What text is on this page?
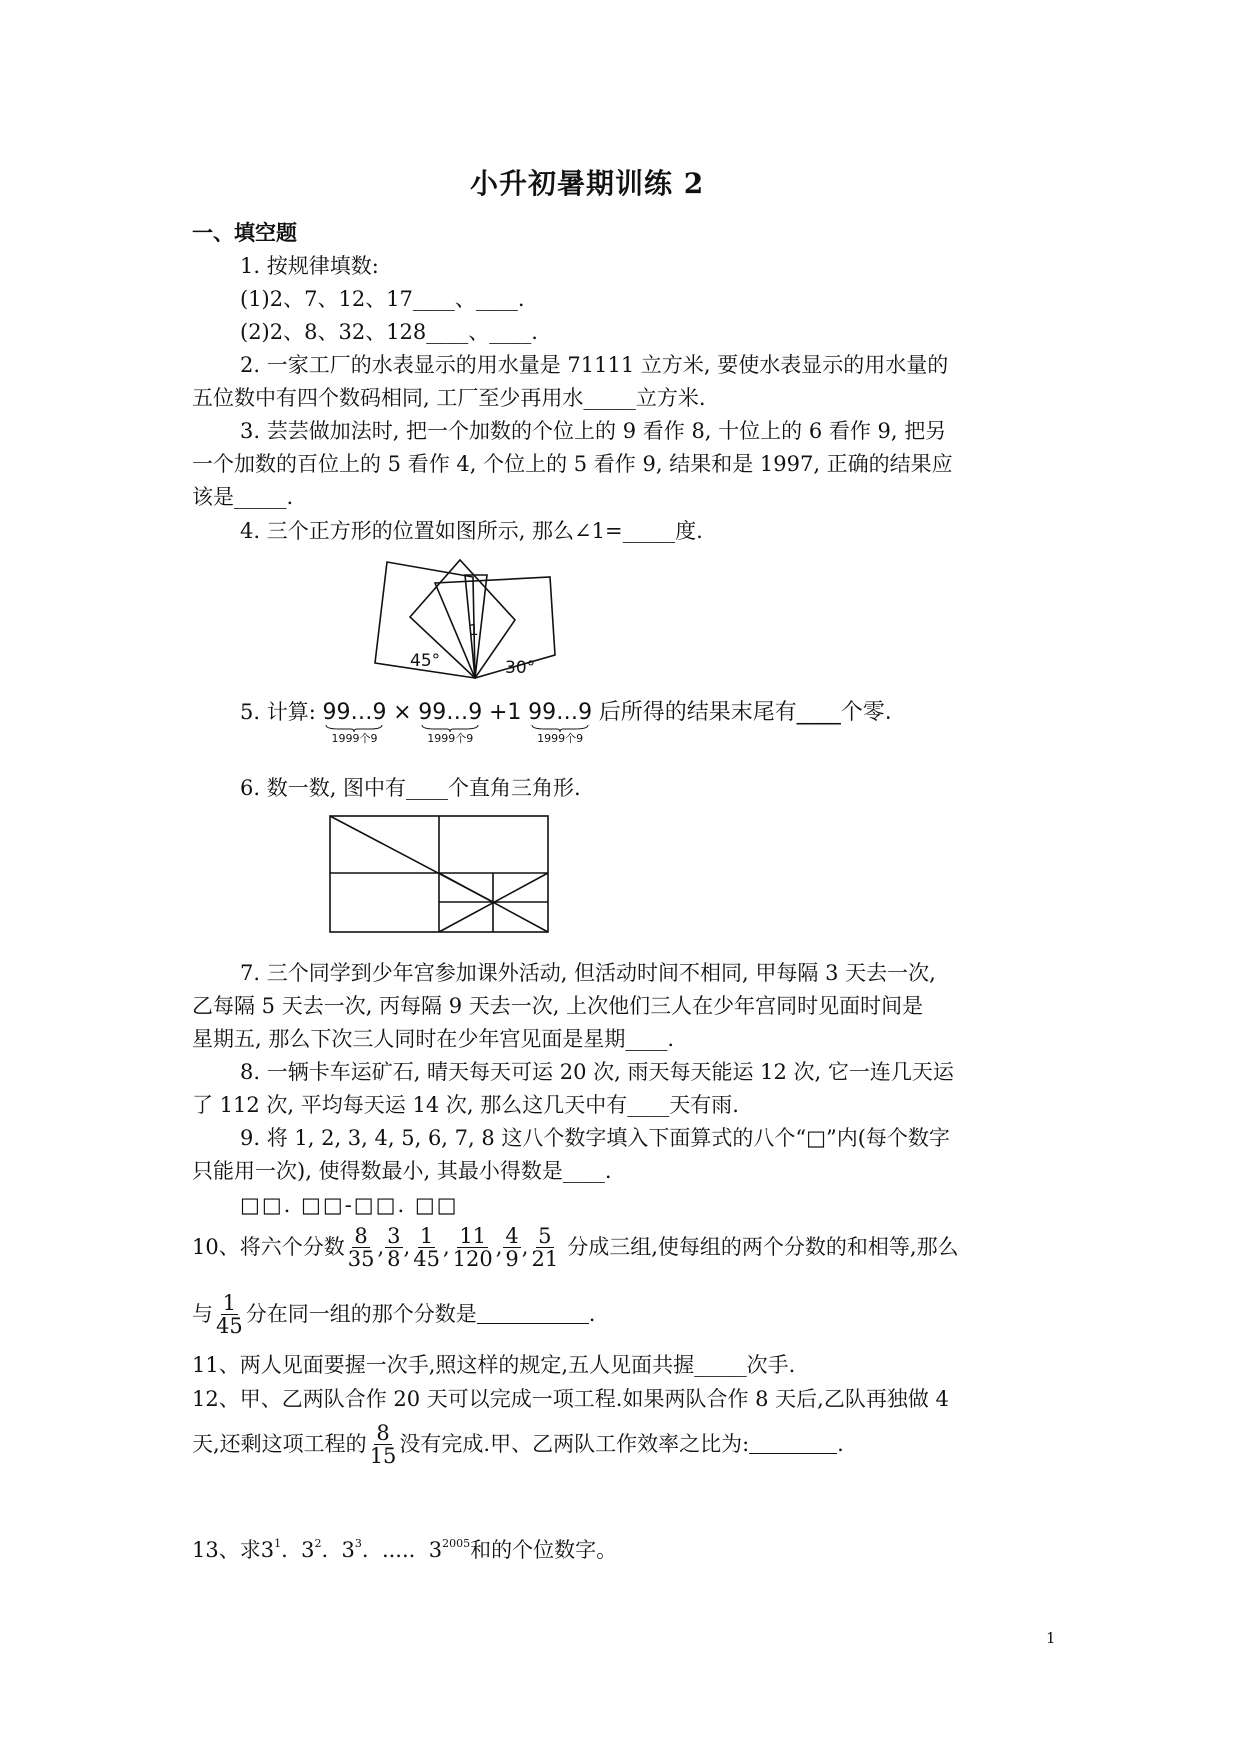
小升初暑期训练 2
一、填空题
1. 按规律填数:
(1)2、7、12、17____、____.
(2)2、8、32、128____、____.
2. 一家工厂的水表显示的用水量是 71111 立方米, 要使水表显示的用水量的
五位数中有四个数码相同, 工厂至少再用水_____立方米.
3. 芸芸做加法时, 把一个加数的个位上的 9 看作 8, 十位上的 6 看作 9, 把另
一个加数的百位上的 5 看作 4, 个位上的 5 看作 9, 结果和是 1997, 正确的结果应
该是_____.
4. 三个正方形的位置如图所示, 那么∠1=_____度.
45°
1
30°
5. 计算: 99…9
1999个9
× 99…9
1999个9
+1 99…9
1999个9
后所得的结果末尾有____个零.
6. 数一数, 图中有____个直角三角形.
7. 三个同学到少年宫参加课外活动, 但活动时间不相同, 甲每隔 3 天去一次,
乙每隔 5 天去一次, 丙每隔 9 天去一次, 上次他们三人在少年宫同时见面时间是
星期五, 那么下次三人同时在少年宫见面是星期____.
8. 一辆卡车运矿石, 晴天每天可运 20 次, 雨天每天能运 12 次, 它一连几天运
了 112 次, 平均每天运 14 次, 那么这几天中有____天有雨.
9. 将 1, 2, 3, 4, 5, 6, 7, 8 这八个数字填入下面算式的八个“□”内(每个数字
只能用一次), 使得数最小, 其最小得数是____.
□□. □□-□□. □□
10、将六个分数 $\frac{8}{35}$ , $\frac{3}{8}$ , $\frac{1}{45}$ , $\frac{11}{120}$ , $\frac{4}{9}$ , $\frac{5}{21}$ 分成三组,使每组的两个分数的和相等,那么
与 $\frac{1}{45}$ 分在同一组的那个分数是	.
11、两人见面要握一次手,照这样的规定,五人见面共握_____次手.
12、甲、乙两队合作 20 天可以完成一项工程.如果两队合作 8 天后,乙队再独做 4
天,还剩这项工程的 $\frac{8}{15}$ 没有完成.甲、乙两队工作效率之比为:	.
13、求$3^1$.  $3^2$.  $3^3$.  ..... $3^{2005}$和的个位数字。
1
